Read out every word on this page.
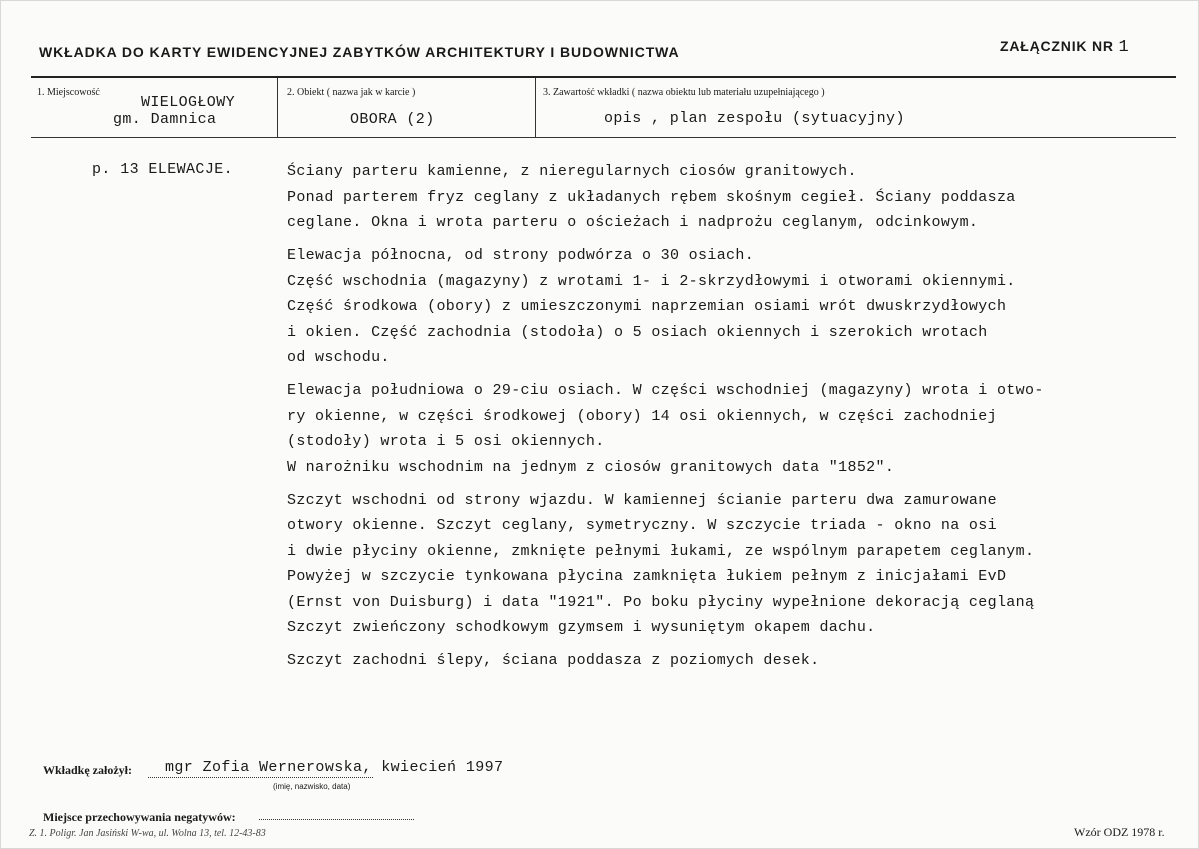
WKŁADKA DO KARTY EWIDENCYJNEJ ZABYTKÓW ARCHITEKTURY I BUDOWNICTWA	ZAŁĄCZNIK NR 1
1. Miejscowość
WIELOGŁOWY
gm. Damnica
2. Obiekt ( nazwa jak w karcie )
OBORA (2)
3. Zawartość wkładki ( nazwa obiektu lub materiału uzupełniającego )
opis , plan zespołu (sytuacyjny)
p. 13 ELEWACJE.	Ściany parteru kamienne, z nieregularnych ciosów granitowych.
Ponad parterem fryz ceglany z układanych rębem skośnym cegieł. Ściany poddasza
ceglane. Okna i wrota parteru o ościeżach i nadprożu ceglanym, odcinkowym.
Elewacja północna, od strony podwórza o 30 osiach.
Część wschodnia (magazyny) z wrotami 1- i 2-skrzydłowymi i otworami okiennymi.
Część środkowa (obory) z umieszczonymi naprzemian osiami wrót dwuskrzydłowych
i okien. Część zachodnia (stodoła) o 5 osiach okiennych i szerokich wrotach
od wschodu.
Elewacja południowa o 29-ciu osiach. W części wschodniej (magazyny) wrota i otwo-
ry okienne, w części środkowej (obory) 14 osi okiennych, w części zachodniej
(stodoły) wrota i 5 osi okiennych.
W narożniku wschodnim na jednym z ciosów granitowych data "1852".
Szczyt wschodni od strony wjazdu. W kamiennej ścianie parteru dwa zamurowane
otwory okienne. Szczyt ceglany, symetryczny. W szczycie triada - okno na osi
i dwie płyciny okienne, zmknięte pełnymi łukami, ze wspólnym parapetem ceglanym.
Powyżej w szczycie tynkowana płycina zamknięta łukiem pełnym z inicjałami EvD
(Ernst von Duisburg) i data "1921". Po boku płyciny wypełnione dekoracją ceglaną
Szczyt zwieńczony schodkowym gzymsem i wysuniętym okapem dachu.
Szczyt zachodni ślepy, ściana poddasza z poziomych desek.
Wkładkę założył: mgr Zofia Wernerowska, kwiecień 1997
(imię, nazwisko, data)
Miejsce przechowywania negatywów:
Z. 1. Poligr. Jan Jasiński W-wa, ul. Wolna 13, tel. 12-43-83	Wzór ODZ 1978 r.
